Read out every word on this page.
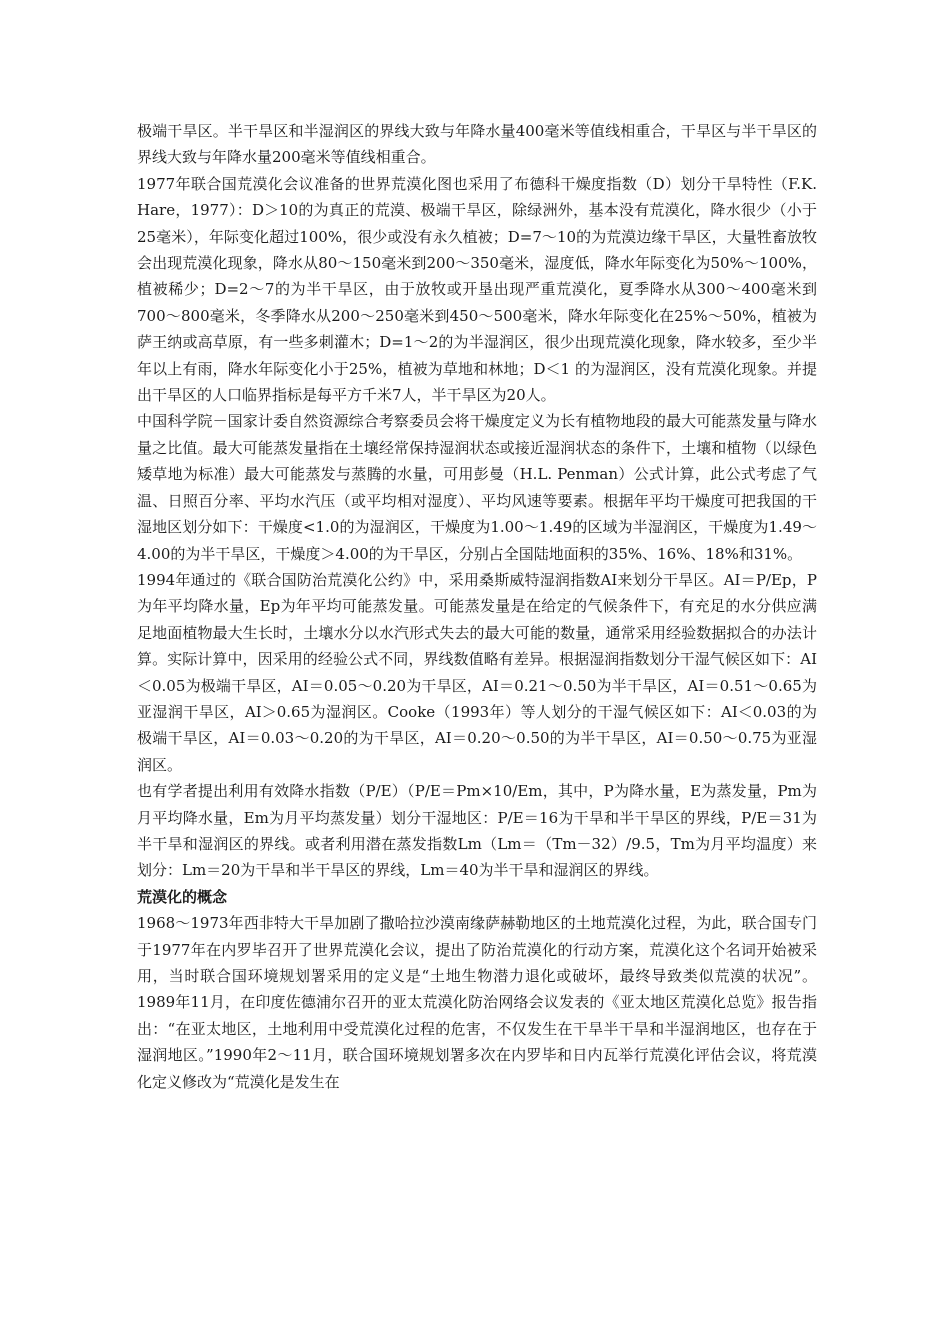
极端干旱区。半干旱区和半湿润区的界线大致与年降水量400毫米等值线相重合，干旱区与半干旱区的界线大致与年降水量200毫米等值线相重合。

1977年联合国荒漠化会议准备的世界荒漠化图也采用了布德科干燥度指数（D）划分干旱特性（F.K. Hare，1977）：D＞10的为真正的荒漠、极端干旱区，除绿洲外，基本没有荒漠化，降水很少（小于25毫米），年际变化超过100%，很少或没有永久植被；D=7～10的为荒漠边缘干旱区，大量牲畜放牧会出现荒漠化现象，降水从80～150毫米到200～350毫米，湿度低，降水年际变化为50%～100%，植被稀少；D=2～7的为半干旱区，由于放牧或开垦出现严重荒漠化，夏季降水从300～400毫米到700～800毫米，冬季降水从200～250毫米到450～500毫米，降水年际变化在25%～50%，植被为萨王纳或高草原，有一些多刺灌木；D=1～2的为半湿润区，很少出现荒漠化现象，降水较多，至少半年以上有雨，降水年际变化小于25%，植被为草地和林地；D＜1 的为湿润区，没有荒漠化现象。并提出干旱区的人口临界指标是每平方千米7人，半干旱区为20人。

中国科学院－国家计委自然资源综合考察委员会将干燥度定义为长有植物地段的最大可能蒸发量与降水量之比值。最大可能蒸发量指在土壤经常保持湿润状态或接近湿润状态的条件下，土壤和植物（以绿色矮草地为标准）最大可能蒸发与蒸腾的水量，可用彭曼（H.L. Penman）公式计算，此公式考虑了气温、日照百分率、平均水汽压（或平均相对湿度）、平均风速等要素。根据年平均干燥度可把我国的干湿地区划分如下：干燥度<1.0的为湿润区，干燥度为1.00～1.49的区域为半湿润区，干燥度为1.49～4.00的为半干旱区，干燥度＞4.00的为干旱区，分别占全国陆地面积的35%、16%、18%和31%。

1994年通过的《联合国防治荒漠化公约》中，采用桑斯威特湿润指数AI来划分干旱区。AI＝P/Ep，P为年平均降水量，Ep为年平均可能蒸发量。可能蒸发量是在给定的气候条件下，有充足的水分供应满足地面植物最大生长时，土壤水分以水汽形式失去的最大可能的数量，通常采用经验数据拟合的办法计算。实际计算中，因采用的经验公式不同，界线数值略有差异。根据湿润指数划分干湿气候区如下：AI＜0.05为极端干旱区，AI＝0.05～0.20为干旱区，AI＝0.21～0.50为半干旱区，AI＝0.51～0.65为亚湿润干旱区，AI＞0.65为湿润区。Cooke（1993年）等人划分的干湿气候区如下：AI＜0.03的为极端干旱区，AI＝0.03～0.20的为干旱区，AI＝0.20～0.50的为半干旱区，AI＝0.50～0.75为亚湿润区。

也有学者提出利用有效降水指数（P/E）（P/E＝Pm×10/Em，其中，P为降水量，E为蒸发量，Pm为月平均降水量，Em为月平均蒸发量）划分干湿地区：P/E＝16为干旱和半干旱区的界线，P/E＝31为半干旱和湿润区的界线。或者利用潜在蒸发指数Lm（Lm＝（Tm－32）/9.5，Tm为月平均温度）来划分：Lm＝20为干旱和半干旱区的界线，Lm＝40为半干旱和湿润区的界线。

荒漠化的概念

1968～1973年西非特大干旱加剧了撒哈拉沙漠南缘萨赫勒地区的土地荒漠化过程，为此，联合国专门于1977年在内罗毕召开了世界荒漠化会议，提出了防治荒漠化的行动方案，荒漠化这个名词开始被采用，当时联合国环境规划署采用的定义是“土地生物潜力退化或破坏，最终导致类似荒漠的状况”。1989年11月，在印度佐德浦尔召开的亚太荒漠化防治网络会议发表的《亚太地区荒漠化总览》报告指出：“在亚太地区，土地利用中受荒漠化过程的危害，不仅发生在干旱半干旱和半湿润地区，也存在于湿润地区。”1990年2～11月，联合国环境规划署多次在内罗毕和日内瓦举行荒漠化评估会议，将荒漠化定义修改为“荒漠化是发生在
